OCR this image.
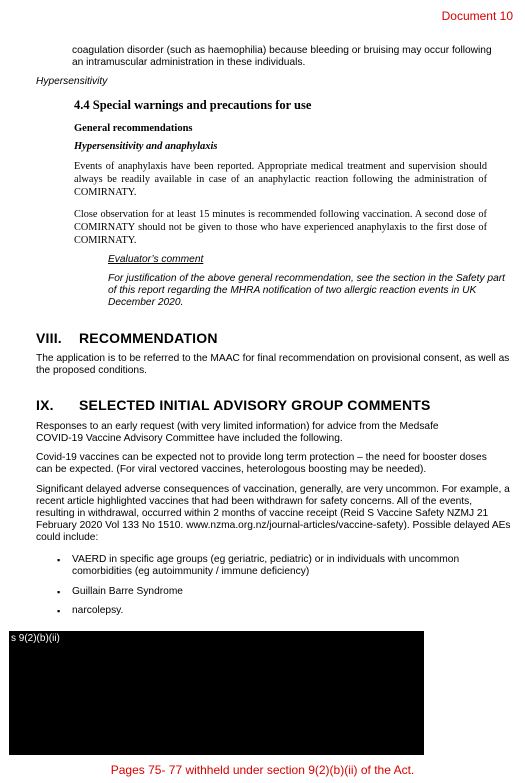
Document 10
coagulation disorder (such as haemophilia) because bleeding or bruising may occur following an intramuscular administration in these individuals.
Hypersensitivity
4.4 Special warnings and precautions for use
General recommendations
Hypersensitivity and anaphylaxis
Events of anaphylaxis have been reported. Appropriate medical treatment and supervision should always be readily available in case of an anaphylactic reaction following the administration of COMIRNATY.
Close observation for at least 15 minutes is recommended following vaccination. A second dose of COMIRNATY should not be given to those who have experienced anaphylaxis to the first dose of COMIRNATY.
Evaluator’s comment
For justification of the above general recommendation, see the section in the Safety part of this report regarding the MHRA notification of two allergic reaction events in UK December 2020.
VIII. RECOMMENDATION
The application is to be referred to the MAAC for final recommendation on provisional consent, as well as the proposed conditions.
IX. SELECTED INITIAL ADVISORY GROUP COMMENTS
Responses to an early request (with very limited information) for advice from the Medsafe COVID-19 Vaccine Advisory Committee have included the following.
Covid-19 vaccines can be expected not to provide long term protection – the need for booster doses can be expected. (For viral vectored vaccines, heterologous boosting may be needed).
Significant delayed adverse consequences of vaccination, generally, are very uncommon. For example, a recent article highlighted vaccines that had been withdrawn for safety concerns. All of the events, resulting in withdrawal, occurred within 2 months of vaccine receipt (Reid S Vaccine Safety NZMJ 21 February 2020 Vol 133 No 1510. www.nzma.org.nz/journal-articles/vaccine-safety). Possible delayed AEs could include:
▪ VAERD in specific age groups (eg geriatric, pediatric) or in individuals with uncommon comorbidities (eg autoimmunity / immune deficiency)
▪ Guillain Barre Syndrome
▪ narcolepsy.
s 9(2)(b)(ii)
Pages 75- 77 withheld under section 9(2)(b)(ii) of the Act.
